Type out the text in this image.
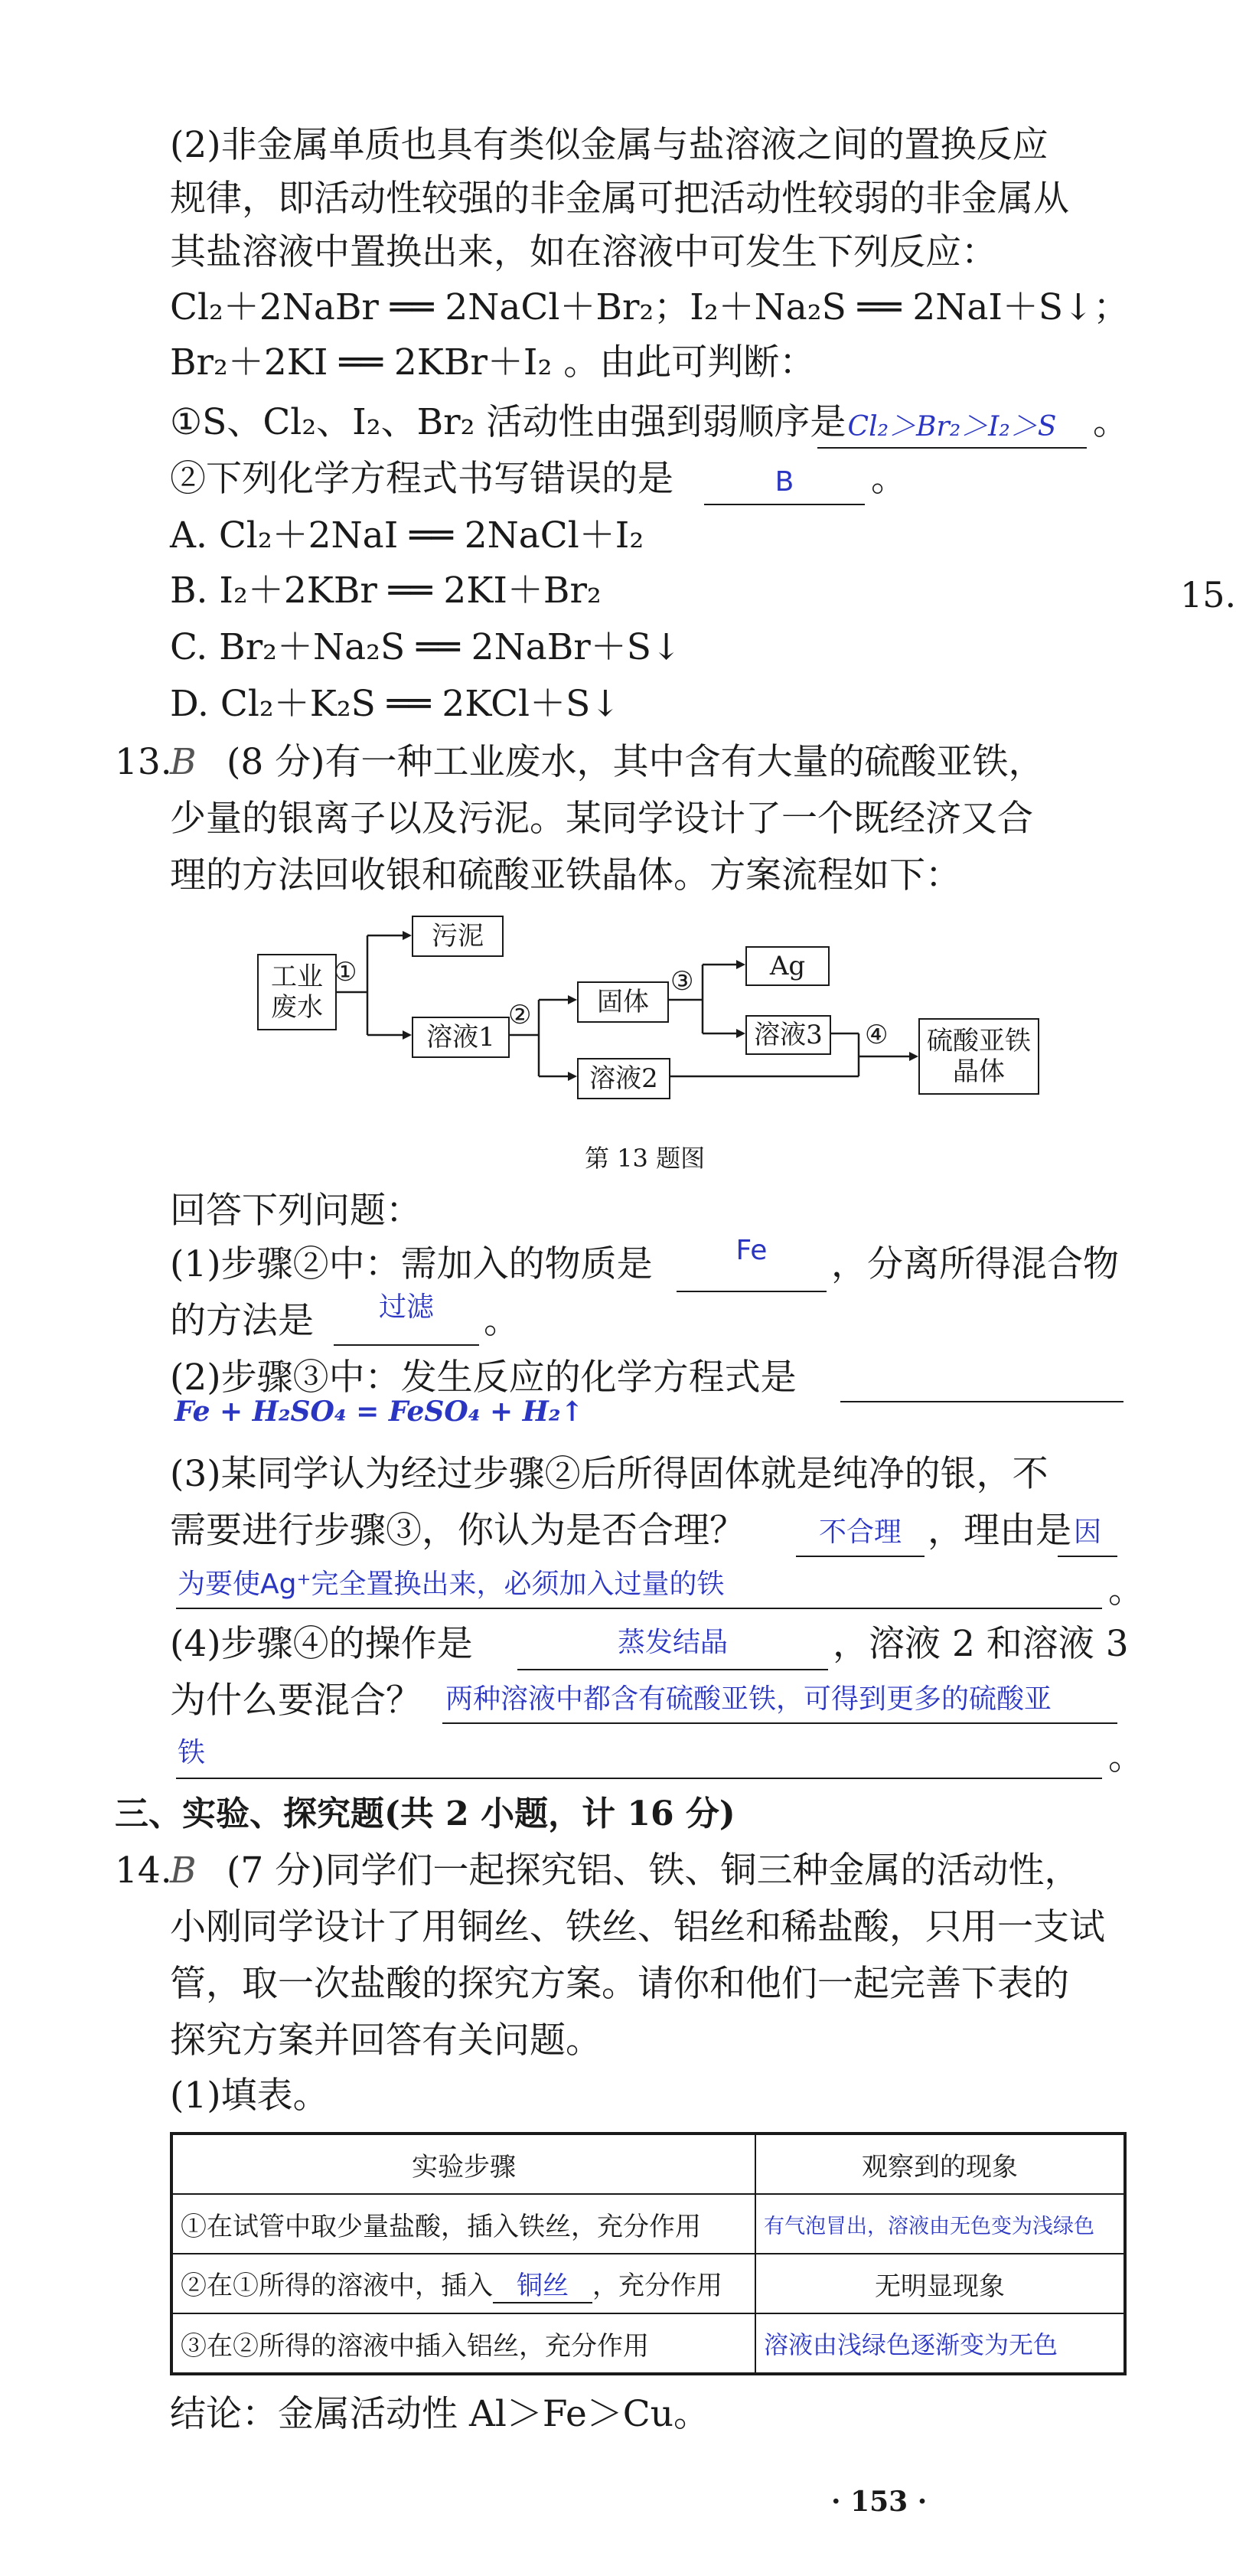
(2)非金属单质也具有类似金属与盐溶液之间的置换反应
规律，即活动性较强的非金属可把活动性较弱的非金属从
其盐溶液中置换出来，如在溶液中可发生下列反应：
Cl₂＋2NaBr ══ 2NaCl＋Br₂；I₂＋Na₂S ══ 2NaI＋S↓；
Br₂＋2KI ══ 2KBr＋I₂ 。由此可判断：
①S、Cl₂、I₂、Br₂ 活动性由强到弱顺序是 Cl₂＞Br₂＞I₂＞S	。
②下列化学方程式书写错误的是	B	。
A. Cl₂＋2NaI ══ 2NaCl＋I₂
B. I₂＋2KBr ══ 2KI＋Br₂
C. Br₂＋Na₂S ══ 2NaBr＋S↓
D. Cl₂＋K₂S ══ 2KCl＋S↓
15.
13.
B (8 分)有一种工业废水，其中含有大量的硫酸亚铁，
少量的银离子以及污泥。某同学设计了一个既经济又合
理的方法回收银和硫酸亚铁晶体。方案流程如下：
工业
废水
①
污泥
溶液1
②	固体
③	Ag
溶液3	④	硫酸亚铁
晶体
溶液2
第 13 题图
回答下列问题：
(1)步骤②中：需加入的物质是	Fe	，分离所得混合物
的方法是	过滤	。
(2)步骤③中：发生反应的化学方程式是
Fe + H₂SO₄ = FeSO₄ + H₂↑
(3)某同学认为经过步骤②后所得固体就是纯净的银，不
需要进行步骤③，你认为是否合理？	不合理 ，理由是 因
为要使Ag⁺完全置换出来，必须加入过量的铁	。
(4)步骤④的操作是	蒸发结晶	，溶液 2 和溶液 3
为什么要混合？ 两种溶液中都含有硫酸亚铁，可得到更多的硫酸亚
铁	。
三、实验、探究题(共 2 小题，计 16 分)
14.
B (7 分)同学们一起探究铝、铁、铜三种金属的活动性，
小刚同学设计了用铜丝、铁丝、铝丝和稀盐酸，只用一支试
管，取一次盐酸的探究方案。请你和他们一起完善下表的
探究方案并回答有关问题。
(1)填表。
实验步骤	观察到的现象
①在试管中取少量盐酸，插入铁丝，充分作用	有气泡冒出，溶液由无色变为浅绿色
②在①所得的溶液中，插入 铜丝 ，充分作用	无明显现象
③在②所得的溶液中插入铝丝，充分作用	溶液由浅绿色逐渐变为无色
结论：金属活动性 Al＞Fe＞Cu。
· 153 ·
